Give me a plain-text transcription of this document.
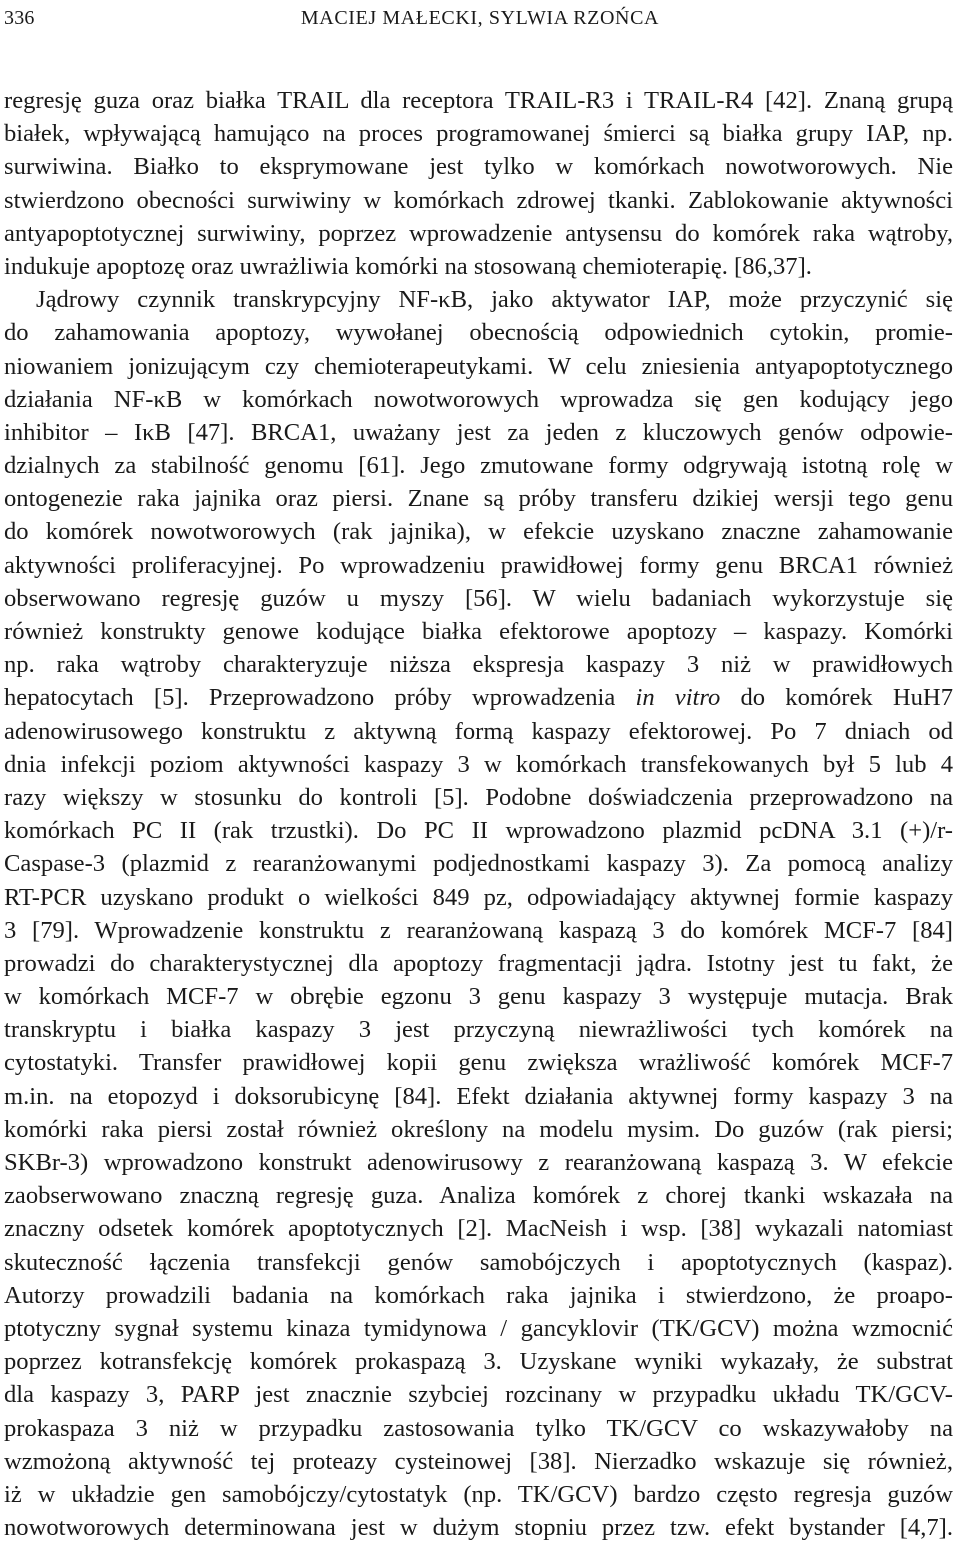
336	MACIEJ MAŁECKI, SYLWIA RZOŃCA
regresję guza oraz białka TRAIL dla receptora TRAIL-R3 i TRAIL-R4 [42]. Znaną grupą
białek, wpływającą hamująco na proces programowanej śmierci są białka grupy IAP, np.
surwiwina. Białko to eksprymowane jest tylko w komórkach nowotworowych. Nie
stwierdzono obecności surwiwiny w komórkach zdrowej tkanki. Zablokowanie aktywności
antyapoptotycznej surwiwiny, poprzez wprowadzenie antysensu do komórek raka wątroby,
indukuje apoptozę oraz uwrażliwia komórki na stosowaną chemioterapię. [86,37].
Jądrowy czynnik transkrypcyjny NF-κB, jako aktywator IAP, może przyczynić się
do zahamowania apoptozy, wywołanej obecnością odpowiednich cytokin, promie-
niowaniem jonizującym czy chemioterapeutykami. W celu zniesienia antyapoptotycznego
działania NF-κB w komórkach nowotworowych wprowadza się gen kodujący jego
inhibitor – IκB [47]. BRCA1, uważany jest za jeden z kluczowych genów odpowie-
dzialnych za stabilność genomu [61]. Jego zmutowane formy odgrywają istotną rolę w
ontogenezie raka jajnika oraz piersi. Znane są próby transferu dzikiej wersji tego genu
do komórek nowotworowych (rak jajnika), w efekcie uzyskano znaczne zahamowanie
aktywności proliferacyjnej. Po wprowadzeniu prawidłowej formy genu BRCA1 również
obserwowano regresję guzów u myszy [56]. W wielu badaniach wykorzystuje się
również konstrukty genowe kodujące białka efektorowe apoptozy – kaspazy. Komórki
np. raka wątroby charakteryzuje niższa ekspresja kaspazy 3 niż w prawidłowych
hepatocytach [5]. Przeprowadzono próby wprowadzenia in vitro do komórek HuH7
adenowirusowego konstruktu z aktywną formą kaspazy efektorowej. Po 7 dniach od
dnia infekcji poziom aktywności kaspazy 3 w komórkach transfekowanych był 5 lub 4
razy większy w stosunku do kontroli [5]. Podobne doświadczenia przeprowadzono na
komórkach PC II (rak trzustki). Do PC II wprowadzono plazmid pcDNA 3.1 (+)/r-
Caspase-3 (plazmid z rearanżowanymi podjednostkami kaspazy 3). Za pomocą analizy
RT-PCR uzyskano produkt o wielkości 849 pz, odpowiadający aktywnej formie kaspazy
3 [79]. Wprowadzenie konstruktu z rearanżowaną kaspazą 3 do komórek MCF-7 [84]
prowadzi do charakterystycznej dla apoptozy fragmentacji jądra. Istotny jest tu fakt, że
w komórkach MCF-7 w obrębie egzonu 3 genu kaspazy 3 występuje mutacja. Brak
transkryptu i białka kaspazy 3 jest przyczyną niewrażliwości tych komórek na
cytostatyki. Transfer prawidłowej kopii genu zwiększa wrażliwość komórek MCF-7
m.in. na etopozyd i doksorubicynę [84]. Efekt działania aktywnej formy kaspazy 3 na
komórki raka piersi został również określony na modelu mysim. Do guzów (rak piersi;
SKBr-3) wprowadzono konstrukt adenowirusowy z rearanżowaną kaspazą 3. W efekcie
zaobserwowano znaczną regresję guza. Analiza komórek z chorej tkanki wskazała na
znaczny odsetek komórek apoptotycznych [2]. MacNeish i wsp. [38] wykazali natomiast
skuteczność łączenia transfekcji genów samobójczych i apoptotycznych (kaspaz).
Autorzy prowadzili badania na komórkach raka jajnika i stwierdzono, że proapo-
ptotyczny sygnał systemu kinaza tymidynowa / gancyklovir (TK/GCV) można wzmocnić
poprzez kotransfekcję komórek prokaspazą 3. Uzyskane wyniki wykazały, że substrat
dla kaspazy 3, PARP jest znacznie szybciej rozcinany w przypadku układu TK/GCV-
prokaspaza 3 niż w przypadku zastosowania tylko TK/GCV co wskazywałoby na
wzmożoną aktywność tej proteazy cysteinowej [38]. Nierzadko wskazuje się również,
iż w układzie gen samobójczy/cytostatyk (np. TK/GCV) bardzo często regresja guzów
nowotworowych determinowana jest w dużym stopniu przez tzw. efekt bystander [4,7].
